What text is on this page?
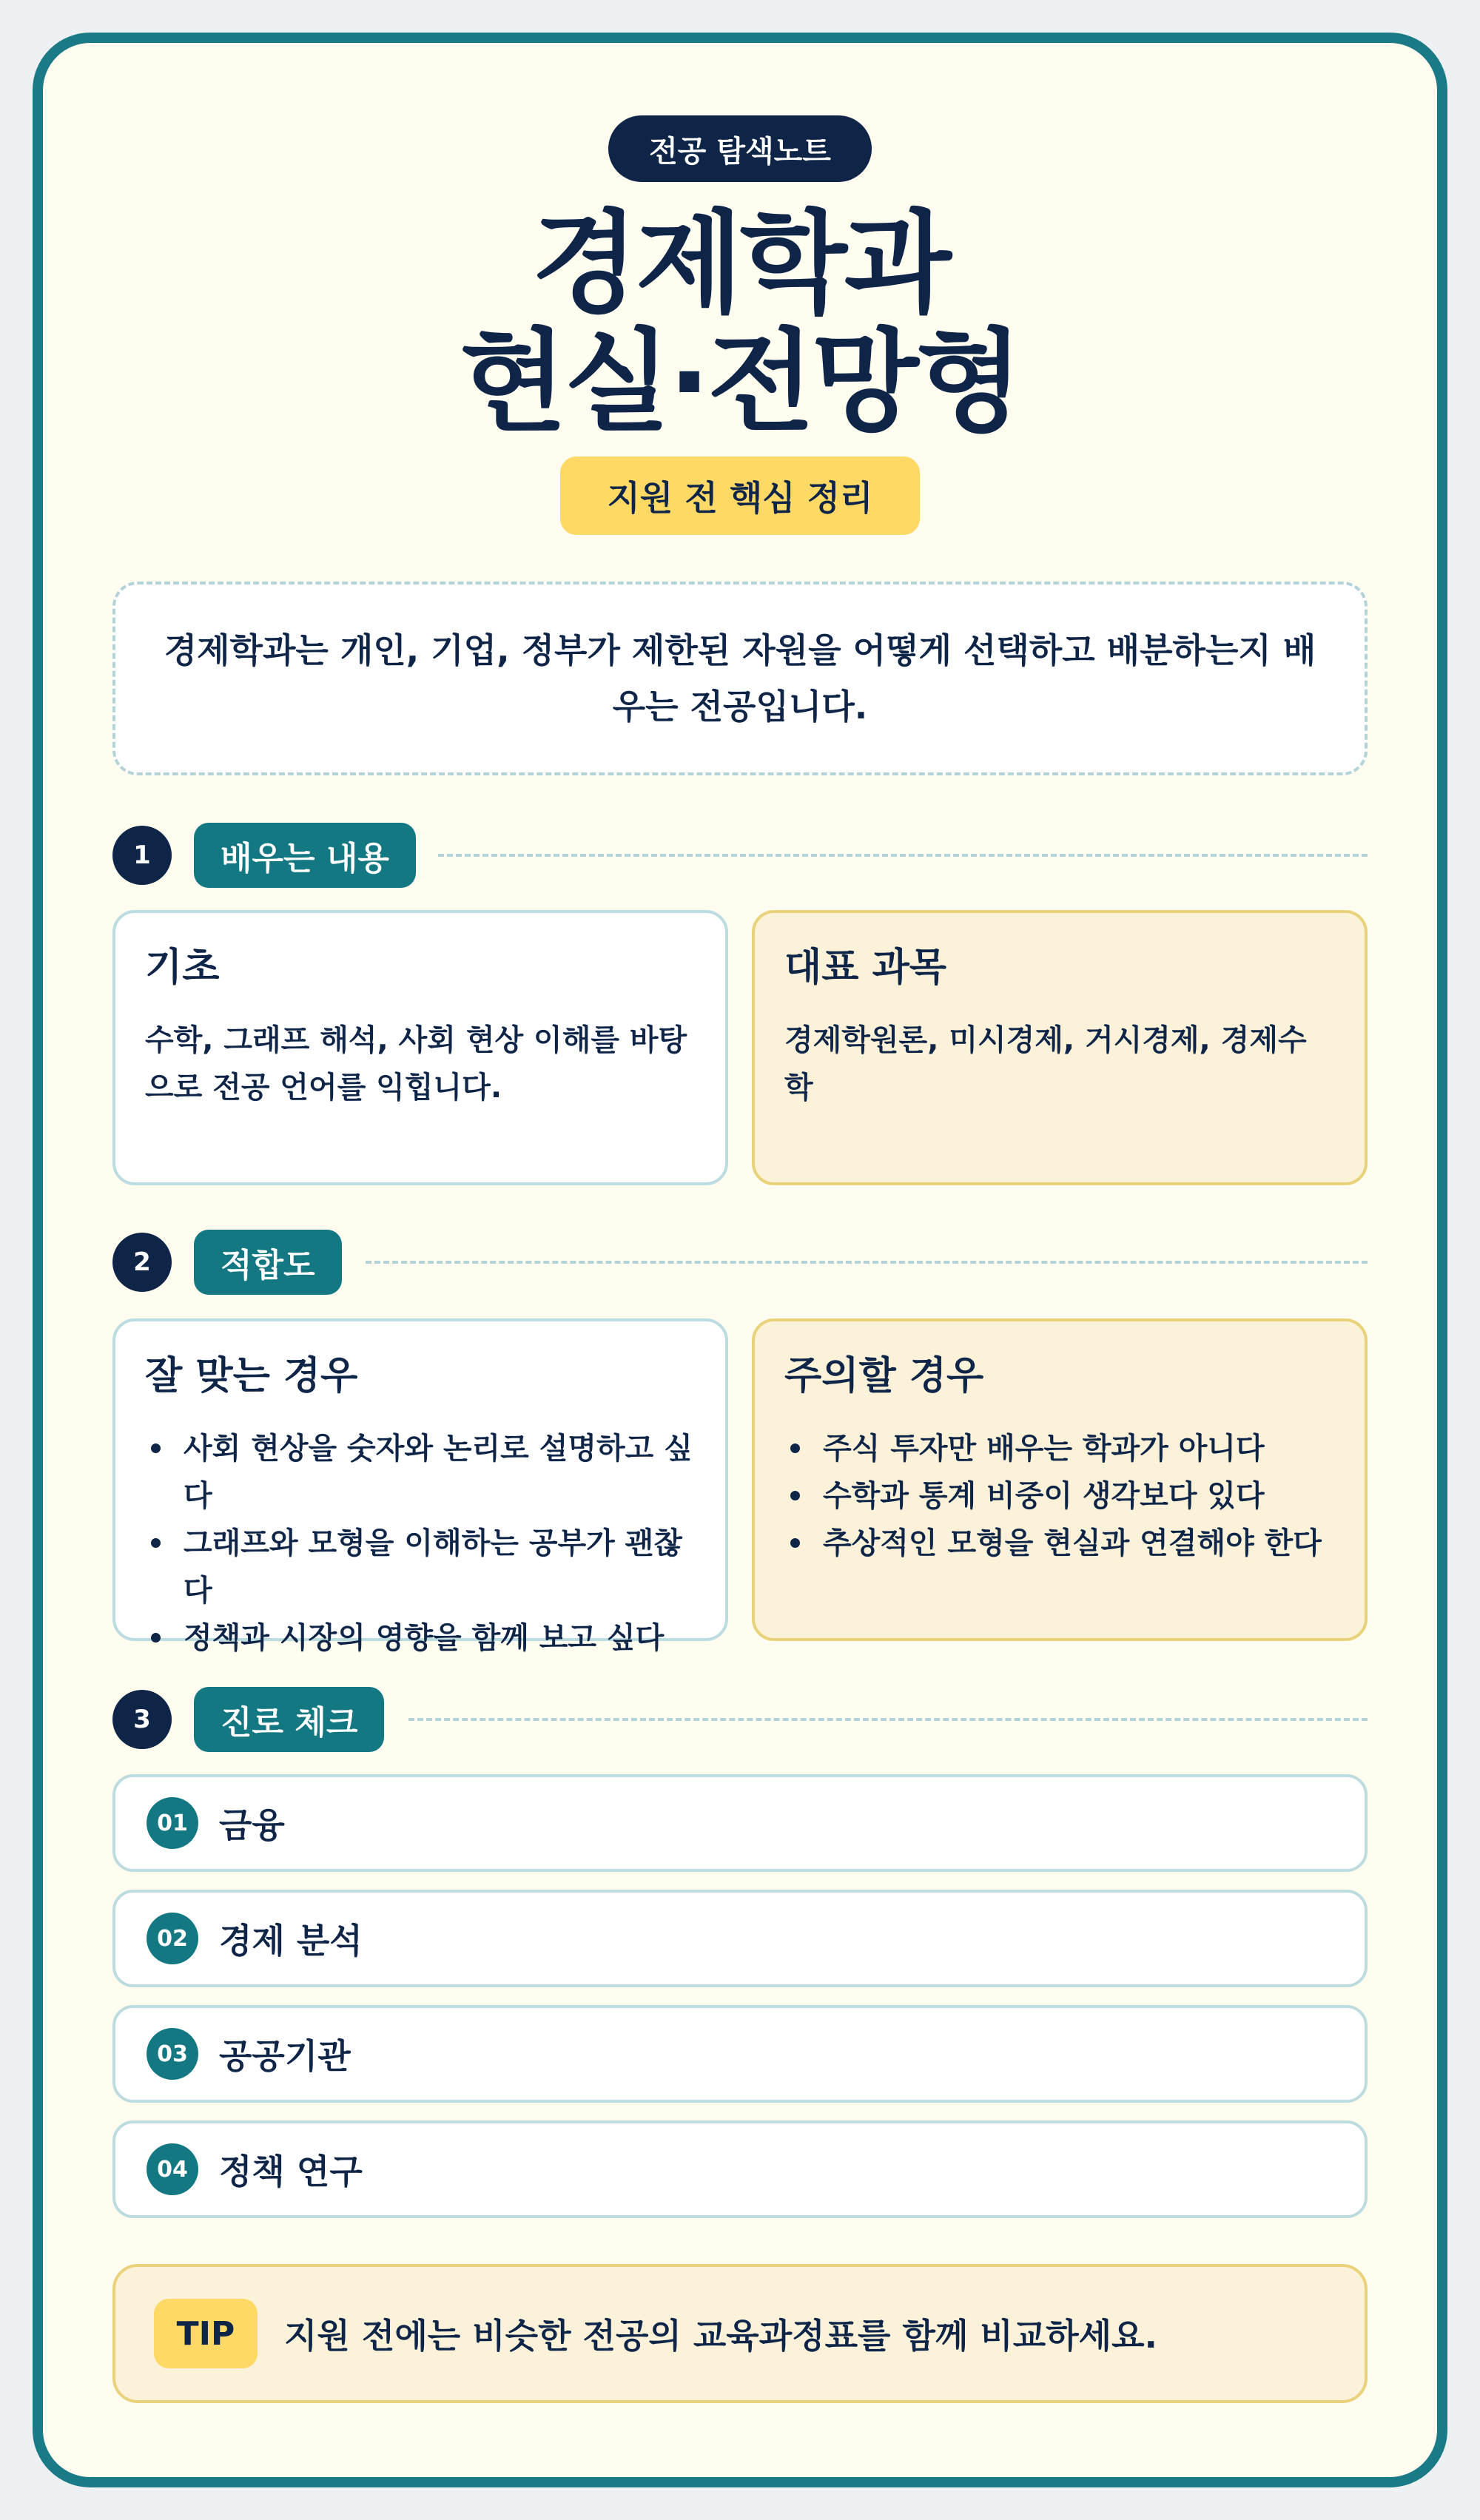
전공 탐색노트
경제학과
현실·전망형
지원 전 핵심 정리
경제학과는 개인, 기업, 정부가 제한된 자원을 어떻게 선택하고 배분하는지 배우는 전공입니다.
1	배우는 내용
기초
수학, 그래프 해석, 사회 현상 이해를 바탕으로 전공 언어를 익힙니다.
대표 과목
경제학원론, 미시경제, 거시경제, 경제수학
2	적합도
잘 맞는 경우
사회 현상을 숫자와 논리로 설명하고 싶다
그래프와 모형을 이해하는 공부가 괜찮다
정책과 시장의 영향을 함께 보고 싶다
주의할 경우
주식 투자만 배우는 학과가 아니다
수학과 통계 비중이 생각보다 있다
추상적인 모형을 현실과 연결해야 한다
3	진로 체크
01 금융
02 경제 분석
03 공공기관
04 정책 연구
TIP	지원 전에는 비슷한 전공의 교육과정표를 함께 비교하세요.
